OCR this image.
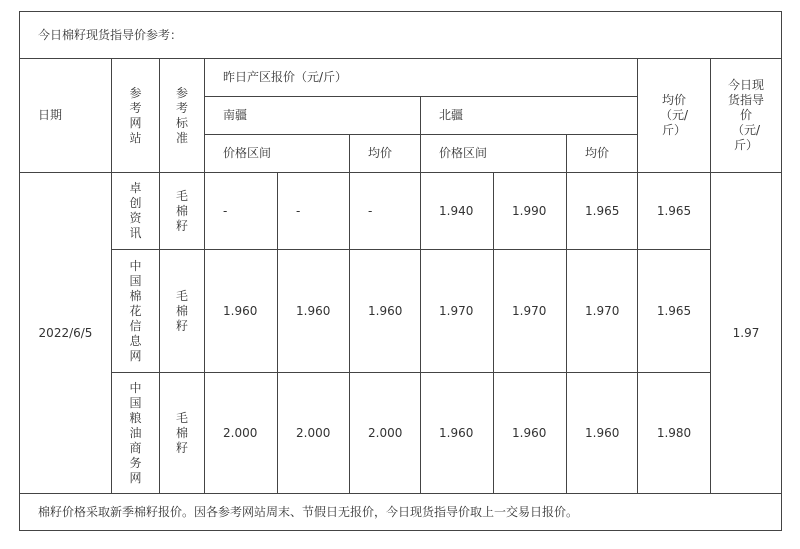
今日棉籽现货指导价参考：										
日期	参考网站	参考标准	昨日产区报价（元/斤）						均价（元/斤）	今日现货指导价（元/斤）
			南疆			北疆				
			价格区间		均价	价格区间		均价		
2022/6/5	卓创资讯	毛棉籽	-	-	-	1.940	1.990	1.965	1.965	1.97
	中国棉花信息网	毛棉籽	1.960	1.960	1.960	1.970	1.970	1.970	1.965	
	中国粮油商务网	毛棉籽	2.000	2.000	2.000	1.960	1.960	1.960	1.980	
棉籽价格采取新季棉籽报价。因各参考网站周末、节假日无报价，今日现货指导价取上一交易日报价。										
